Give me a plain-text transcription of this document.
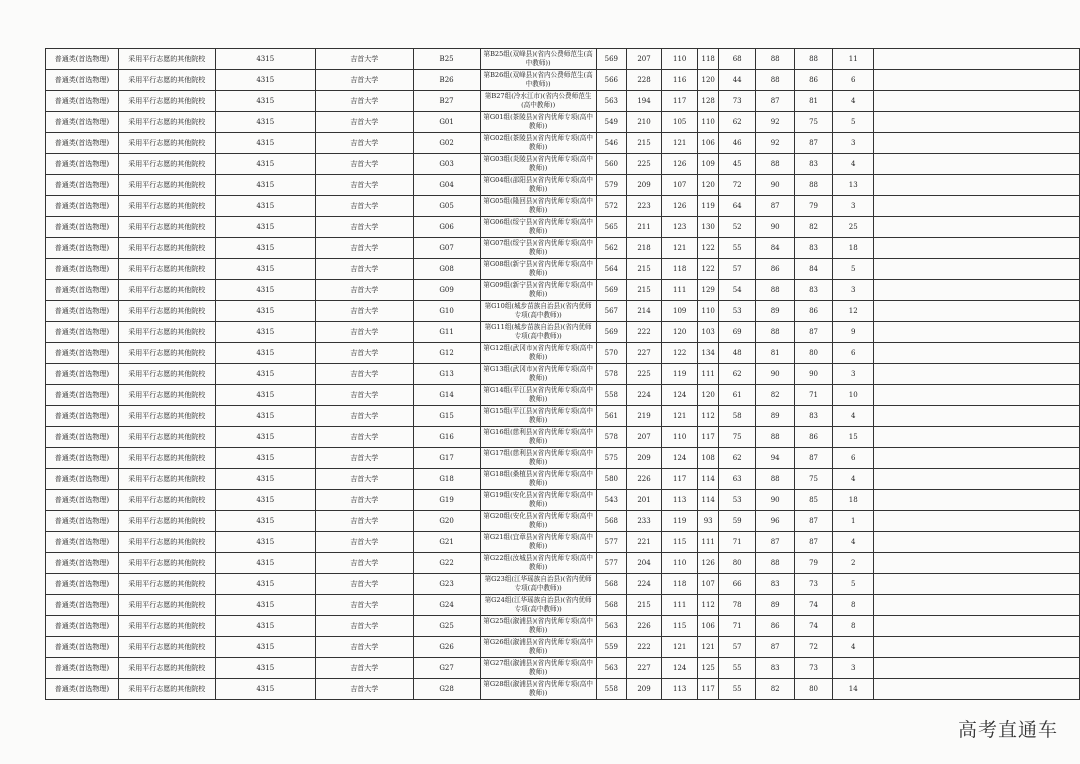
普通类(首选物理)	采用平行志愿的其他院校	4315	吉首大学	B25	第B25组(双峰县)(省内公费师范生(高中教师))	569	207	110	118	68	88	88	11	
普通类(首选物理)	采用平行志愿的其他院校	4315	吉首大学	B26	第B26组(双峰县)(省内公费师范生(高中教师))	566	228	116	120	44	88	86	6	
普通类(首选物理)	采用平行志愿的其他院校	4315	吉首大学	B27	第B27组(冷水江市)(省内公费师范生(高中教师))	563	194	117	128	73	87	81	4	
普通类(首选物理)	采用平行志愿的其他院校	4315	吉首大学	G01	第G01组(茶陵县)(省内优师专项(高中教师))	549	210	105	110	62	92	75	5	
普通类(首选物理)	采用平行志愿的其他院校	4315	吉首大学	G02	第G02组(茶陵县)(省内优师专项(高中教师))	546	215	121	106	46	92	87	3	
普通类(首选物理)	采用平行志愿的其他院校	4315	吉首大学	G03	第G03组(炎陵县)(省内优师专项(高中教师))	560	225	126	109	45	88	83	4	
普通类(首选物理)	采用平行志愿的其他院校	4315	吉首大学	G04	第G04组(邵阳县)(省内优师专项(高中教师))	579	209	107	120	72	90	88	13	
普通类(首选物理)	采用平行志愿的其他院校	4315	吉首大学	G05	第G05组(隆回县)(省内优师专项(高中教师))	572	223	126	119	64	87	79	3	
普通类(首选物理)	采用平行志愿的其他院校	4315	吉首大学	G06	第G06组(绥宁县)(省内优师专项(高中教师))	565	211	123	130	52	90	82	25	
普通类(首选物理)	采用平行志愿的其他院校	4315	吉首大学	G07	第G07组(绥宁县)(省内优师专项(高中教师))	562	218	121	122	55	84	83	18	
普通类(首选物理)	采用平行志愿的其他院校	4315	吉首大学	G08	第G08组(新宁县)(省内优师专项(高中教师))	564	215	118	122	57	86	84	5	
普通类(首选物理)	采用平行志愿的其他院校	4315	吉首大学	G09	第G09组(新宁县)(省内优师专项(高中教师))	569	215	111	129	54	88	83	3	
普通类(首选物理)	采用平行志愿的其他院校	4315	吉首大学	G10	第G10组(城步苗族自治县)(省内优师专项(高中教师))	567	214	109	110	53	89	86	12	
普通类(首选物理)	采用平行志愿的其他院校	4315	吉首大学	G11	第G11组(城步苗族自治县)(省内优师专项(高中教师))	569	222	120	103	69	88	87	9	
普通类(首选物理)	采用平行志愿的其他院校	4315	吉首大学	G12	第G12组(武冈市)(省内优师专项(高中教师))	570	227	122	134	48	81	80	6	
普通类(首选物理)	采用平行志愿的其他院校	4315	吉首大学	G13	第G13组(武冈市)(省内优师专项(高中教师))	578	225	119	111	62	90	90	3	
普通类(首选物理)	采用平行志愿的其他院校	4315	吉首大学	G14	第G14组(平江县)(省内优师专项(高中教师))	558	224	124	120	61	82	71	10	
普通类(首选物理)	采用平行志愿的其他院校	4315	吉首大学	G15	第G15组(平江县)(省内优师专项(高中教师))	561	219	121	112	58	89	83	4	
普通类(首选物理)	采用平行志愿的其他院校	4315	吉首大学	G16	第G16组(慈利县)(省内优师专项(高中教师))	578	207	110	117	75	88	86	15	
普通类(首选物理)	采用平行志愿的其他院校	4315	吉首大学	G17	第G17组(慈利县)(省内优师专项(高中教师))	575	209	124	108	62	94	87	6	
普通类(首选物理)	采用平行志愿的其他院校	4315	吉首大学	G18	第G18组(桑植县)(省内优师专项(高中教师))	580	226	117	114	63	88	75	4	
普通类(首选物理)	采用平行志愿的其他院校	4315	吉首大学	G19	第G19组(安化县)(省内优师专项(高中教师))	543	201	113	114	53	90	85	18	
普通类(首选物理)	采用平行志愿的其他院校	4315	吉首大学	G20	第G20组(安化县)(省内优师专项(高中教师))	568	233	119	93	59	96	87	1	
普通类(首选物理)	采用平行志愿的其他院校	4315	吉首大学	G21	第G21组(宜章县)(省内优师专项(高中教师))	577	221	115	111	71	87	87	4	
普通类(首选物理)	采用平行志愿的其他院校	4315	吉首大学	G22	第G22组(汝城县)(省内优师专项(高中教师))	577	204	110	126	80	88	79	2	
普通类(首选物理)	采用平行志愿的其他院校	4315	吉首大学	G23	第G23组(江华瑶族自治县)(省内优师专项(高中教师))	568	224	118	107	66	83	73	5	
普通类(首选物理)	采用平行志愿的其他院校	4315	吉首大学	G24	第G24组(江华瑶族自治县)(省内优师专项(高中教师))	568	215	111	112	78	89	74	8	
普通类(首选物理)	采用平行志愿的其他院校	4315	吉首大学	G25	第G25组(溆浦县)(省内优师专项(高中教师))	563	226	115	106	71	86	74	8	
普通类(首选物理)	采用平行志愿的其他院校	4315	吉首大学	G26	第G26组(溆浦县)(省内优师专项(高中教师))	559	222	121	121	57	87	72	4	
普通类(首选物理)	采用平行志愿的其他院校	4315	吉首大学	G27	第G27组(溆浦县)(省内优师专项(高中教师))	563	227	124	125	55	83	73	3	
普通类(首选物理)	采用平行志愿的其他院校	4315	吉首大学	G28	第G28组(溆浦县)(省内优师专项(高中教师))	558	209	113	117	55	82	80	14	
高考直通车
